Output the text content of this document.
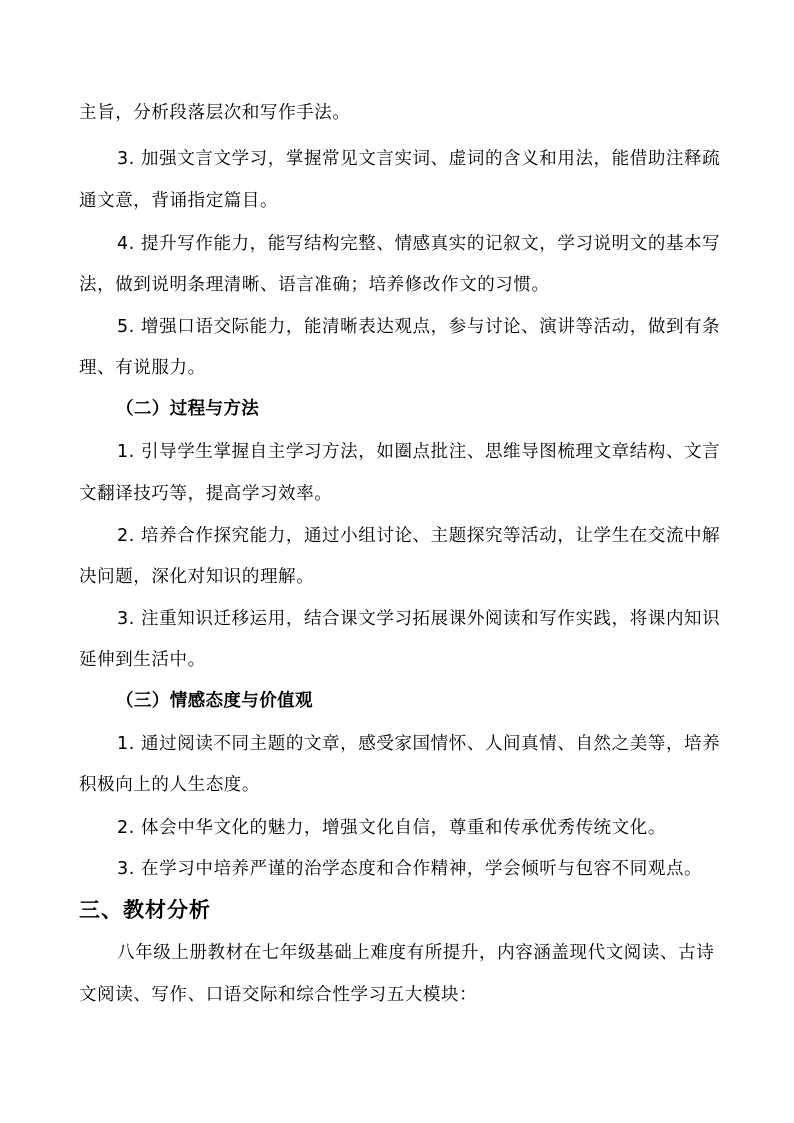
主旨，分析段落层次和写作手法。

3. 加强文言文学习，掌握常见文言实词、虚词的含义和用法，能借助注释疏

通文意，背诵指定篇目。

4. 提升写作能力，能写结构完整、情感真实的记叙文，学习说明文的基本写

法，做到说明条理清晰、语言准确；培养修改作文的习惯。

5. 增强口语交际能力，能清晰表达观点，参与讨论、演讲等活动，做到有条

理、有说服力。

（二）过程与方法

1. 引导学生掌握自主学习方法，如圈点批注、思维导图梳理文章结构、文言

文翻译技巧等，提高学习效率。

2. 培养合作探究能力，通过小组讨论、主题探究等活动，让学生在交流中解

决问题，深化对知识的理解。

3. 注重知识迁移运用，结合课文学习拓展课外阅读和写作实践，将课内知识

延伸到生活中。

（三）情感态度与价值观

1. 通过阅读不同主题的文章，感受家国情怀、人间真情、自然之美等，培养

积极向上的人生态度。

2. 体会中华文化的魅力，增强文化自信，尊重和传承优秀传统文化。

3. 在学习中培养严谨的治学态度和合作精神，学会倾听与包容不同观点。

三、教材分析

八年级上册教材在七年级基础上难度有所提升，内容涵盖现代文阅读、古诗

文阅读、写作、口语交际和综合性学习五大模块：
